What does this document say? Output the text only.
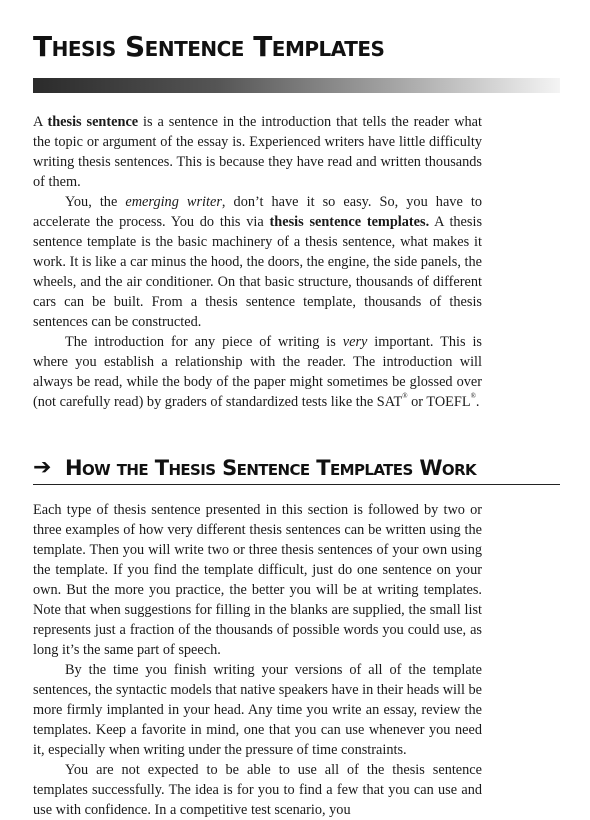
Thesis Sentence Templates

A thesis sentence is a sentence in the introduction that tells the reader what the topic or argument of the essay is. Experienced writers have little difficulty writing thesis sentences. This is because they have read and written thousands of them.

You, the emerging writer, don’t have it so easy. So, you have to accelerate the process. You do this via thesis sentence templates. A thesis sentence template is the basic machinery of a thesis sentence, what makes it work. It is like a car minus the hood, the doors, the engine, the side panels, the wheels, and the air conditioner. On that basic structure, thousands of different cars can be built. From a thesis sentence template, thousands of thesis sentences can be constructed.

The introduction for any piece of writing is very important. This is where you establish a relationship with the reader. The introduction will always be read, while the body of the paper might sometimes be glossed over (not carefully read) by graders of standardized tests like the SAT® or TOEFL®.

➔ How the Thesis Sentence Templates Work

Each type of thesis sentence presented in this section is followed by two or three examples of how very different thesis sentences can be written using the template. Then you will write two or three thesis sentences of your own using the template. If you find the template difficult, just do one sentence on your own. But the more you practice, the better you will be at writing templates. Note that when suggestions for filling in the blanks are supplied, the small list represents just a fraction of the thousands of possible words you could use, as long it’s the same part of speech.

By the time you finish writing your versions of all of the template sentences, the syntactic models that native speakers have in their heads will be more firmly implanted in your head. Any time you write an essay, review the templates. Keep a favorite in mind, one that you can use whenever you need it, especially when writing under the pressure of time constraints.

You are not expected to be able to use all of the thesis sentence templates successfully. The idea is for you to find a few that you can use and use with confidence. In a competitive test scenario, you
